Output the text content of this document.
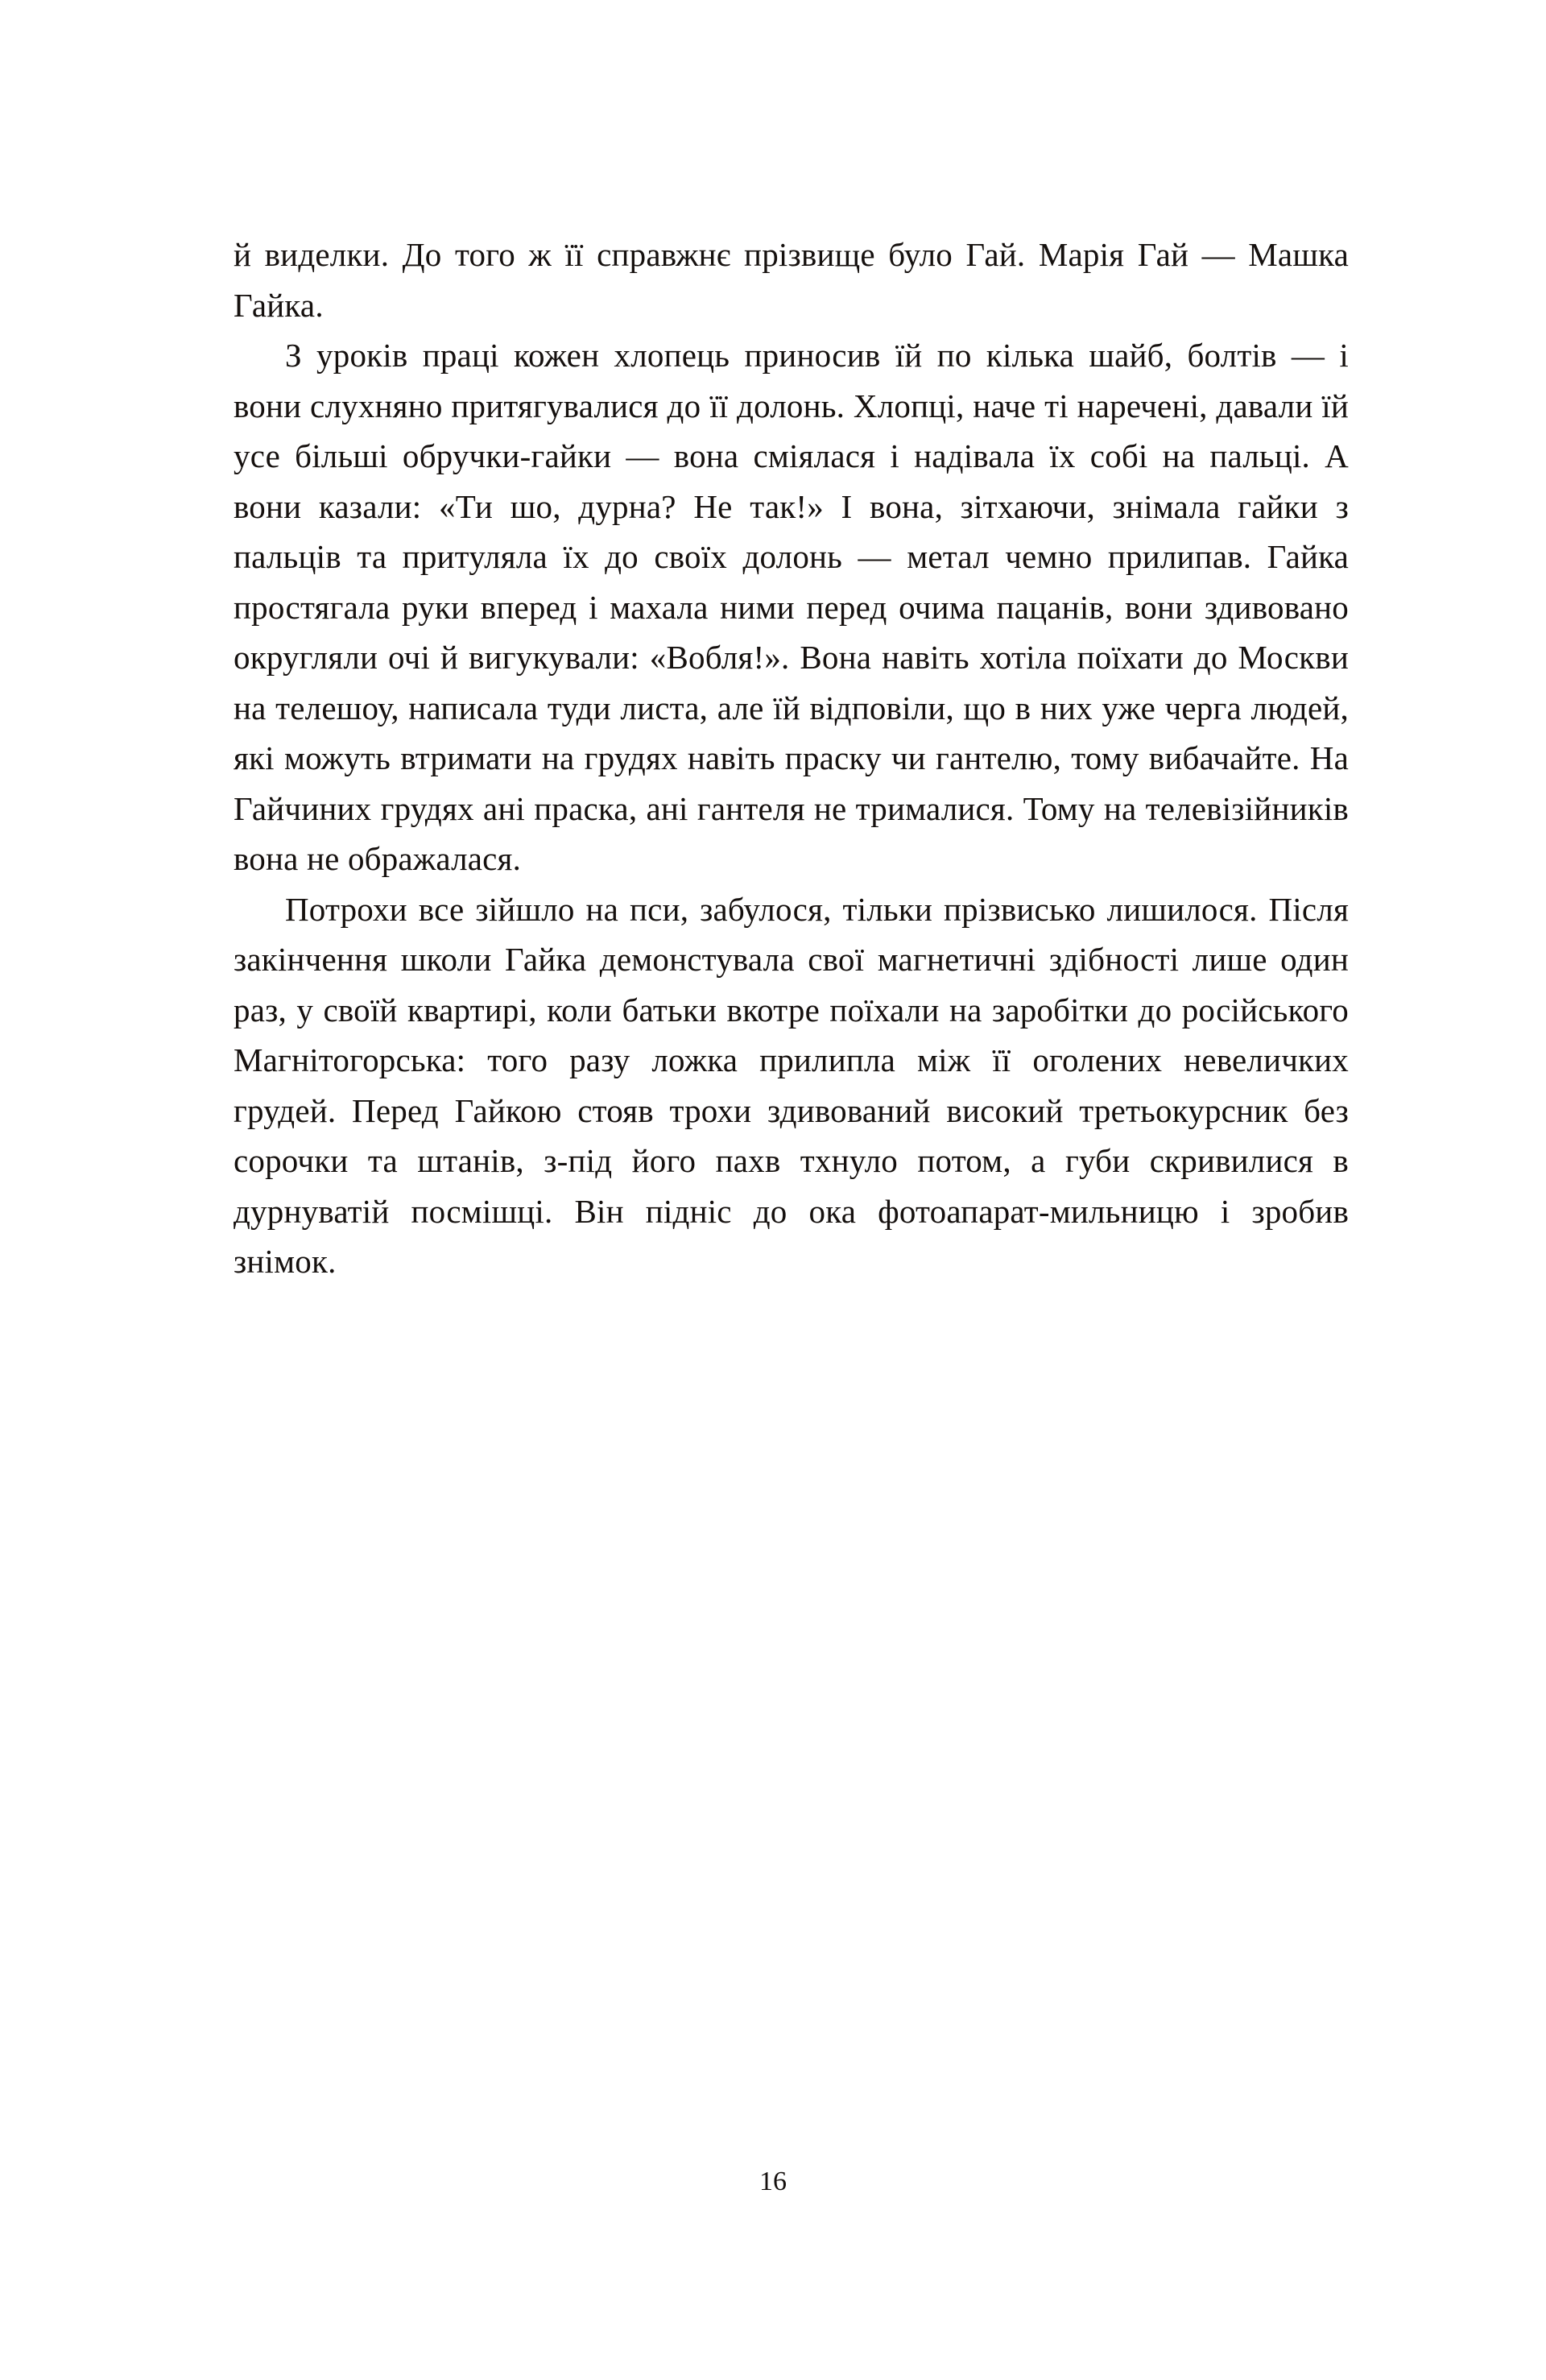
й виделки. До того ж її справжнє прізвище було Гай. Марія Гай — Машка Гайка.

З уроків праці кожен хлопець приносив їй по кілька шайб, болтів — і вони слухняно притягувалися до її долонь. Хлопці, наче ті наречені, давали їй усе більші обручки-гайки — вона сміялася і надівала їх собі на пальці. А вони казали: «Ти шо, дурна? Не так!» І вона, зітхаючи, знімала гайки з пальців та притуляла їх до своїх долонь — метал чемно прилипав. Гайка простягала руки вперед і махала ними перед очима пацанів, вони здивовано округляли очі й вигукували: «Вобля!». Вона навіть хотіла поїхати до Москви на телешоу, написала туди листа, але їй відповіли, що в них уже черга людей, які можуть втримати на грудях навіть праску чи гантелю, тому вибачайте. На Гайчиних грудях ані праска, ані гантеля не трималися. Тому на телевізійників вона не ображалася.

Потрохи все зійшло на пси, забулося, тільки прізвисько лишилося. Після закінчення школи Гайка демонстувала свої магнетичні здібності лише один раз, у своїй квартирі, коли батьки вкотре поїхали на заробітки до російського Магнітогорська: того разу ложка прилипла між її оголених невеличких грудей. Перед Гайкою стояв трохи здивований високий третьокурсник без сорочки та штанів, з-під його пахв тхнуло потом, а губи скривилися в дурнуватій посмішці. Він підніс до ока фотоапарат-мильницю і зробив знімок.

16
